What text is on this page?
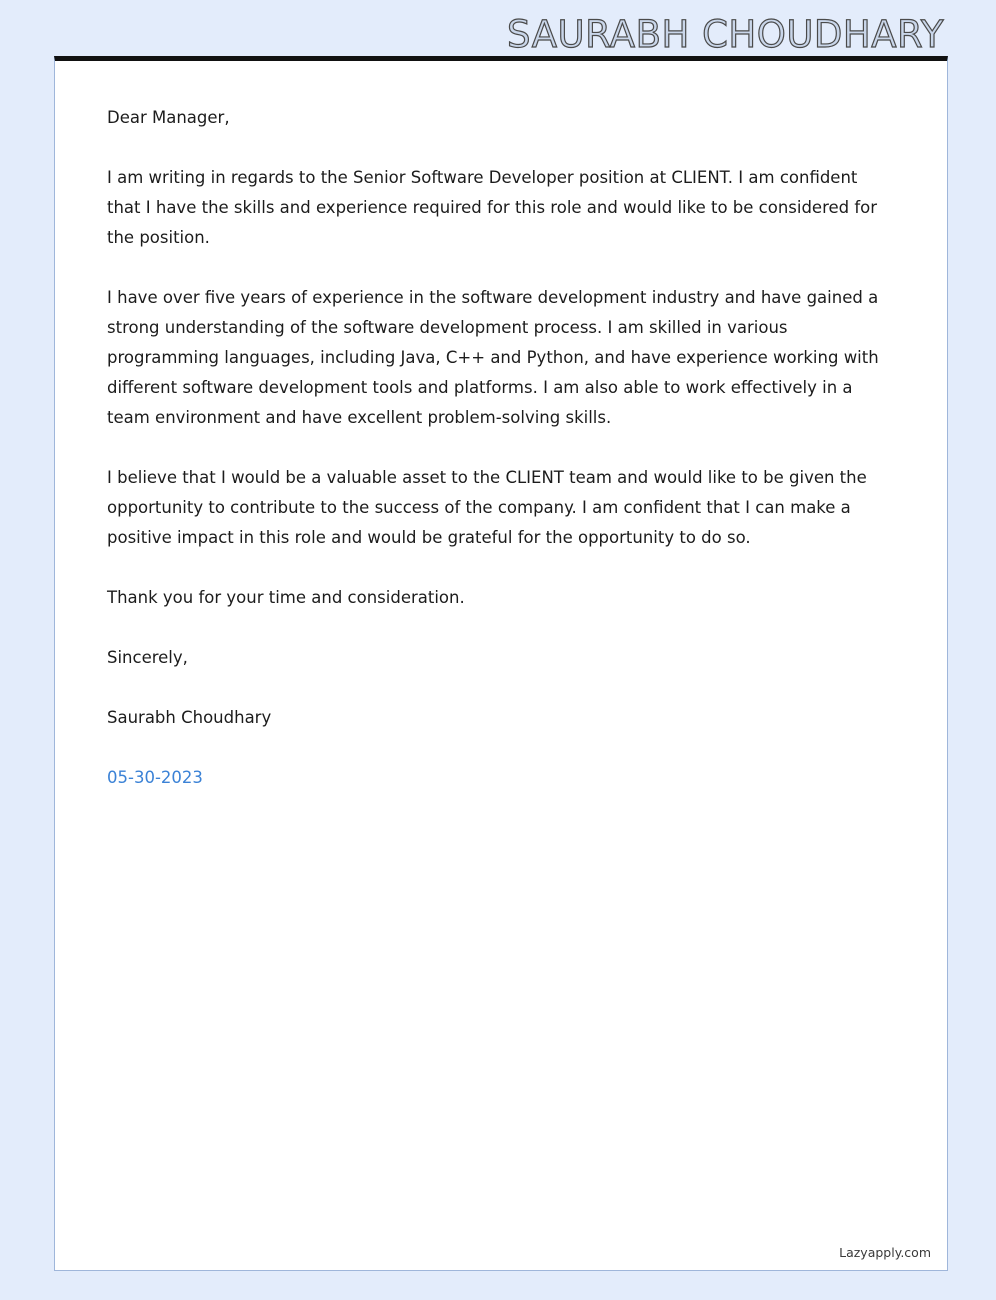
SAURABH CHOUDHARY

Dear Manager,

I am writing in regards to the Senior Software Developer position at CLIENT. I am confident that I have the skills and experience required for this role and would like to be considered for the position.

I have over five years of experience in the software development industry and have gained a strong understanding of the software development process. I am skilled in various programming languages, including Java, C++ and Python, and have experience working with different software development tools and platforms. I am also able to work effectively in a team environment and have excellent problem-solving skills.

I believe that I would be a valuable asset to the CLIENT team and would like to be given the opportunity to contribute to the success of the company. I am confident that I can make a positive impact in this role and would be grateful for the opportunity to do so.

Thank you for your time and consideration.

Sincerely,

Saurabh Choudhary

05-30-2023

Lazyapply.com
